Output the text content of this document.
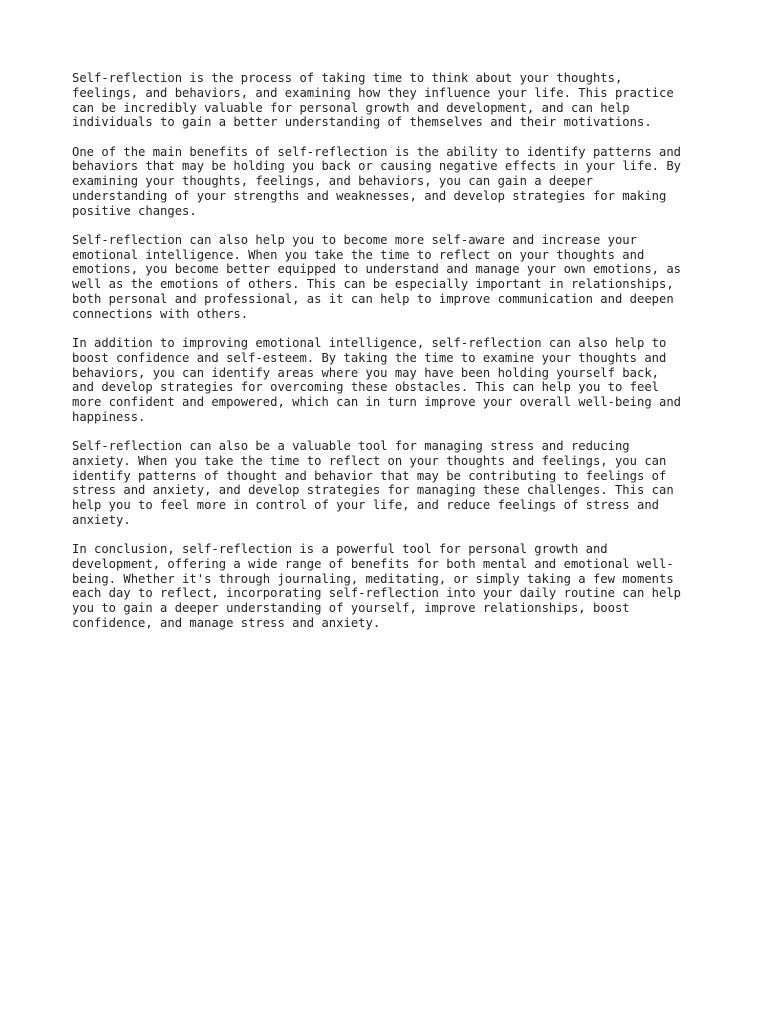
Self-reflection is the process of taking time to think about your thoughts,
feelings, and behaviors, and examining how they influence your life. This practice
can be incredibly valuable for personal growth and development, and can help
individuals to gain a better understanding of themselves and their motivations.

One of the main benefits of self-reflection is the ability to identify patterns and
behaviors that may be holding you back or causing negative effects in your life. By
examining your thoughts, feelings, and behaviors, you can gain a deeper
understanding of your strengths and weaknesses, and develop strategies for making
positive changes.

Self-reflection can also help you to become more self-aware and increase your
emotional intelligence. When you take the time to reflect on your thoughts and
emotions, you become better equipped to understand and manage your own emotions, as
well as the emotions of others. This can be especially important in relationships,
both personal and professional, as it can help to improve communication and deepen
connections with others.

In addition to improving emotional intelligence, self-reflection can also help to
boost confidence and self-esteem. By taking the time to examine your thoughts and
behaviors, you can identify areas where you may have been holding yourself back,
and develop strategies for overcoming these obstacles. This can help you to feel
more confident and empowered, which can in turn improve your overall well-being and
happiness.

Self-reflection can also be a valuable tool for managing stress and reducing
anxiety. When you take the time to reflect on your thoughts and feelings, you can
identify patterns of thought and behavior that may be contributing to feelings of
stress and anxiety, and develop strategies for managing these challenges. This can
help you to feel more in control of your life, and reduce feelings of stress and
anxiety.

In conclusion, self-reflection is a powerful tool for personal growth and
development, offering a wide range of benefits for both mental and emotional well-
being. Whether it's through journaling, meditating, or simply taking a few moments
each day to reflect, incorporating self-reflection into your daily routine can help
you to gain a deeper understanding of yourself, improve relationships, boost
confidence, and manage stress and anxiety.
